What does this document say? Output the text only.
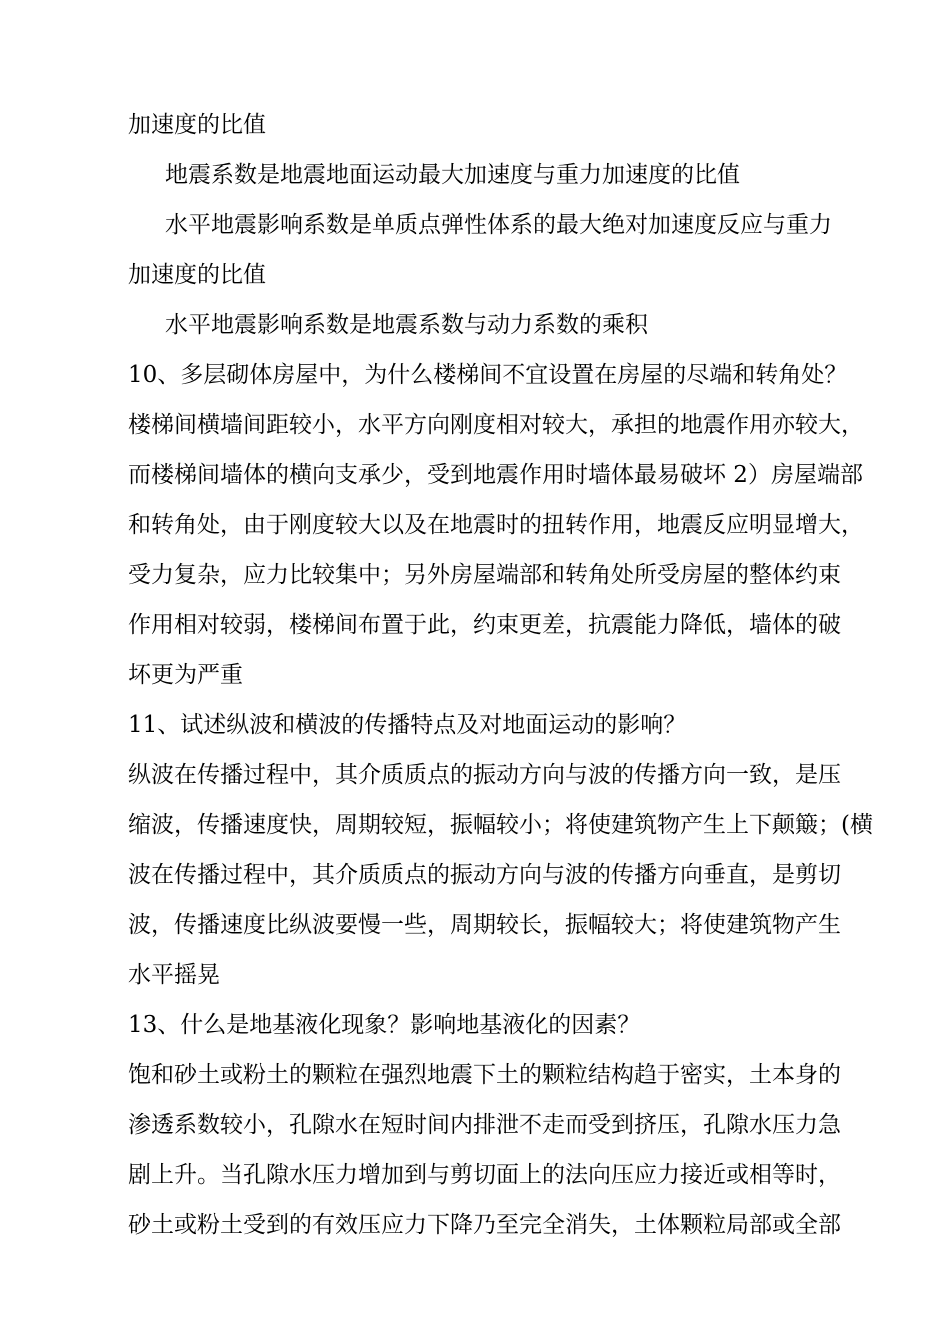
加速度的比值
地震系数是地震地面运动最大加速度与重力加速度的比值
水平地震影响系数是单质点弹性体系的最大绝对加速度反应与重力
加速度的比值
水平地震影响系数是地震系数与动力系数的乘积
10、多层砌体房屋中，为什么楼梯间不宜设置在房屋的尽端和转角处？
楼梯间横墙间距较小，水平方向刚度相对较大，承担的地震作用亦较大，
而楼梯间墙体的横向支承少，受到地震作用时墙体最易破坏 2）房屋端部
和转角处，由于刚度较大以及在地震时的扭转作用，地震反应明显增大，
受力复杂，应力比较集中；另外房屋端部和转角处所受房屋的整体约束
作用相对较弱，楼梯间布置于此，约束更差，抗震能力降低，墙体的破
坏更为严重
11、试述纵波和横波的传播特点及对地面运动的影响？
纵波在传播过程中，其介质质点的振动方向与波的传播方向一致，是压
缩波，传播速度快，周期较短，振幅较小；将使建筑物产生上下颠簸；(横
波在传播过程中，其介质质点的振动方向与波的传播方向垂直，是剪切
波，传播速度比纵波要慢一些，周期较长，振幅较大；将使建筑物产生
水平摇晃
13、什么是地基液化现象？影响地基液化的因素？
饱和砂土或粉土的颗粒在强烈地震下土的颗粒结构趋于密实，土本身的
渗透系数较小，孔隙水在短时间内排泄不走而受到挤压，孔隙水压力急
剧上升。当孔隙水压力增加到与剪切面上的法向压应力接近或相等时，
砂土或粉土受到的有效压应力下降乃至完全消失，土体颗粒局部或全部
